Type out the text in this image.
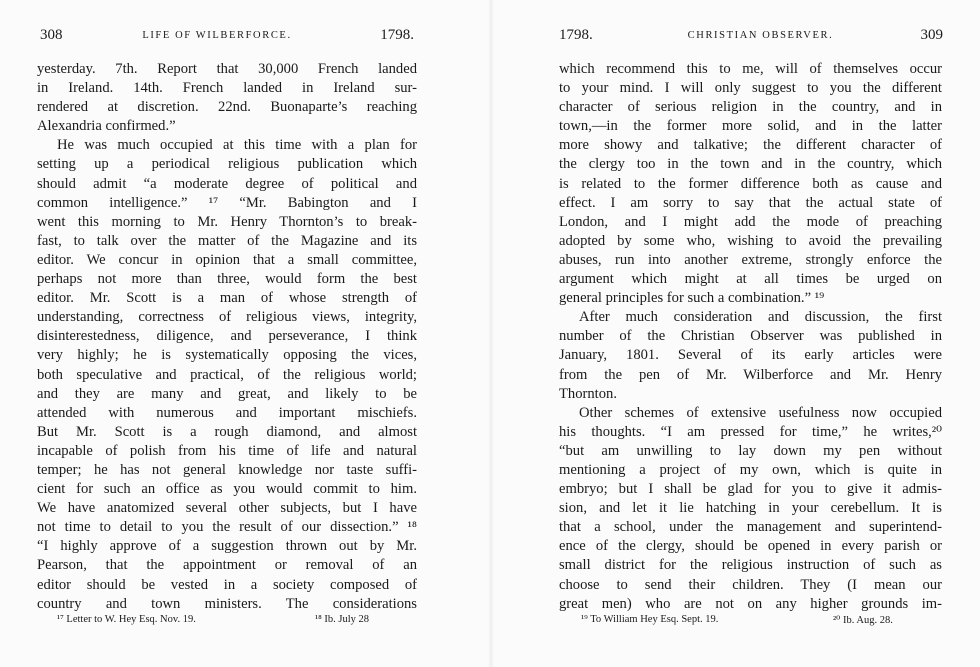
308	LIFE OF WILBERFORCE.	1798.
yesterday. 7th. Report that 30,000 French landed
in Ireland. 14th. French landed in Ireland sur-
rendered at discretion. 22nd. Buonaparte’s reaching
Alexandria confirmed.”
He was much occupied at this time with a plan for
setting up a periodical religious publication which
should admit “a moderate degree of political and
common intelligence.” ¹⁷ “Mr. Babington and I
went this morning to Mr. Henry Thornton’s to break-
fast, to talk over the matter of the Magazine and its
editor. We concur in opinion that a small committee,
perhaps not more than three, would form the best
editor. Mr. Scott is a man of whose strength of
understanding, correctness of religious views, integrity,
disinterestedness, diligence, and perseverance, I think
very highly; he is systematically opposing the vices,
both speculative and practical, of the religious world;
and they are many and great, and likely to be
attended with numerous and important mischiefs.
But Mr. Scott is a rough diamond, and almost
incapable of polish from his time of life and natural
temper; he has not general knowledge nor taste suffi-
cient for such an office as you would commit to him.
We have anatomized several other subjects, but I have
not time to detail to you the result of our dissection.” ¹⁸
“I highly approve of a suggestion thrown out by Mr.
Pearson, that the appointment or removal of an
editor should be vested in a society composed of
country and town ministers. The considerations
¹⁷ Letter to W. Hey Esq. Nov. 19.	¹⁸ Ib. July 28
1798.	CHRISTIAN OBSERVER.	309
which recommend this to me, will of themselves occur
to your mind. I will only suggest to you the different
character of serious religion in the country, and in
town,—in the former more solid, and in the latter
more showy and talkative; the different character of
the clergy too in the town and in the country, which
is related to the former difference both as cause and
effect. I am sorry to say that the actual state of
London, and I might add the mode of preaching
adopted by some who, wishing to avoid the prevailing
abuses, run into another extreme, strongly enforce the
argument which might at all times be urged on
general principles for such a combination.” ¹⁹
After much consideration and discussion, the first
number of the Christian Observer was published in
January, 1801. Several of its early articles were
from the pen of Mr. Wilberforce and Mr. Henry
Thornton.
Other schemes of extensive usefulness now occupied
his thoughts. “I am pressed for time,” he writes,²⁰
“but am unwilling to lay down my pen without
mentioning a project of my own, which is quite in
embryo; but I shall be glad for you to give it admis-
sion, and let it lie hatching in your cerebellum. It is
that a school, under the management and superintend-
ence of the clergy, should be opened in every parish or
small district for the religious instruction of such as
choose to send their children. They (I mean our
great men) who are not on any higher grounds im-
¹⁹ To William Hey Esq. Sept. 19.	²⁰ Ib. Aug. 28.
